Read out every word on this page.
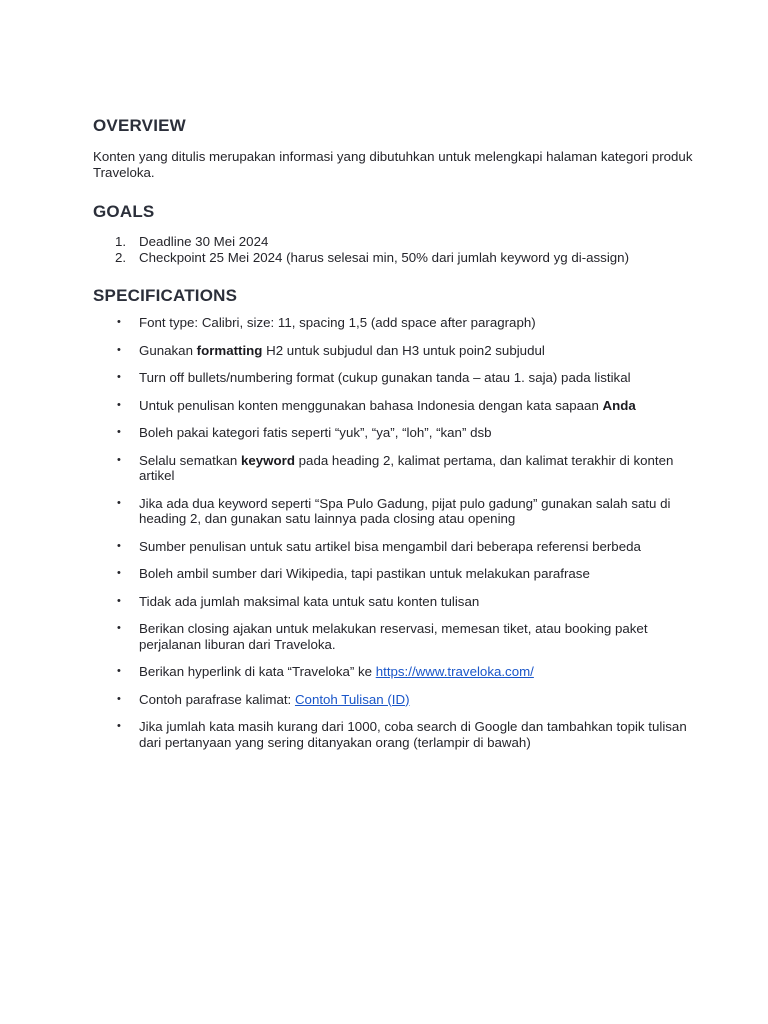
OVERVIEW

Konten yang ditulis merupakan informasi yang dibutuhkan untuk melengkapi halaman kategori produk Traveloka.

GOALS
1. Deadline 30 Mei 2024
2. Checkpoint 25 Mei 2024 (harus selesai min, 50% dari jumlah keyword yg di-assign)
SPECIFICATIONS
• Font type: Calibri, size: 11, spacing 1,5 (add space after paragraph)
• Gunakan formatting H2 untuk subjudul dan H3 untuk poin2 subjudul
• Turn off bullets/numbering format (cukup gunakan tanda – atau 1. saja) pada listikal
• Untuk penulisan konten menggunakan bahasa Indonesia dengan kata sapaan Anda
• Boleh pakai kategori fatis seperti “yuk”, “ya”, “loh”, “kan” dsb
• Selalu sematkan keyword pada heading 2, kalimat pertama, dan kalimat terakhir di konten artikel
• Jika ada dua keyword seperti “Spa Pulo Gadung, pijat pulo gadung” gunakan salah satu di heading 2, dan gunakan satu lainnya pada closing atau opening
• Sumber penulisan untuk satu artikel bisa mengambil dari beberapa referensi berbeda
• Boleh ambil sumber dari Wikipedia, tapi pastikan untuk melakukan parafrase
• Tidak ada jumlah maksimal kata untuk satu konten tulisan
• Berikan closing ajakan untuk melakukan reservasi, memesan tiket, atau booking paket perjalanan liburan dari Traveloka.
• Berikan hyperlink di kata “Traveloka” ke https://www.traveloka.com/
• Contoh parafrase kalimat: Contoh Tulisan (ID)
• Jika jumlah kata masih kurang dari 1000, coba search di Google dan tambahkan topik tulisan dari pertanyaan yang sering ditanyakan orang (terlampir di bawah)
